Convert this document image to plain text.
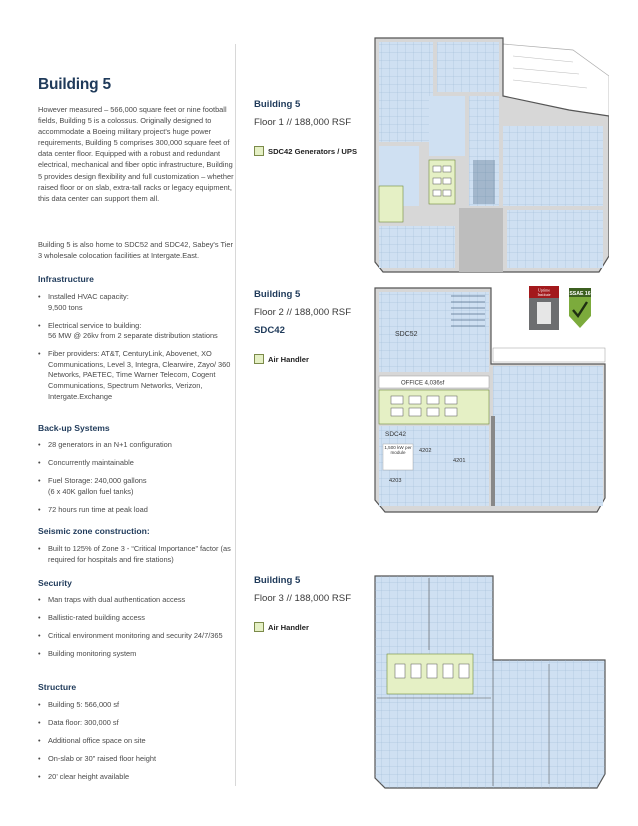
Building 5

However measured – 566,000 square feet or nine football fields, Building 5 is a colossus. Originally designed to accommodate a Boeing military project's huge power requirements, Building 5 comprises 300,000 square feet of data center floor. Equipped with a robust and redundant electrical, mechanical and fiber optic infrastructure, Building 5 provides design flexibility and full customization – whether raised floor or on slab, extra-tall racks or legacy equipment, this data center can support them all.

Building 5 is also home to SDC52 and SDC42, Sabey's Tier 3 wholesale colocation facilities at Intergate.East.

Infrastructure
• Installed HVAC capacity:
9,500 tons
• Electrical service to building:
56 MW @ 26kv from 2 separate distribution stations
• Fiber providers: AT&T, CenturyLink, Abovenet, XO Communications, Level 3, Integra, Clearwire, Zayo/ 360 Networks, PAETEC, Time Warner Telecom, Cogent Communications, Spectrum Networks, Verizon, Intergate.Exchange
Back-up Systems
• 28 generators in an N+1 configuration
• Concurrently maintainable
• Fuel Storage: 240,000 gallons
(6 x 40K gallon fuel tanks)
• 72 hours run time at peak load
Seismic zone construction:
• Built to 125% of Zone 3 - “Critical Importance” factor (as required for hospitals and fire stations)
Security
• Man traps with dual authentication access
• Ballistic-rated building access
• Critical environment monitoring and security 24/7/365
• Building monitoring system
Structure
• Building 5: 566,000 sf
• Data floor: 300,000 sf
• Additional office space on site
• On-slab or 30” raised floor height
• 20’ clear height available
Building 5
Floor 1 // 188,000 RSF
SDC42 Generators / UPS
Building 5
Floor 2 // 188,000 RSF
SDC42
Air Handler
Building 5
Floor 3 // 188,000 RSF
Air Handler
Uptime
Institute	SSAE 16
SDC52
OFFICE 4,036sf
SDC42
1,500 kW per module	4202
4201
4203
